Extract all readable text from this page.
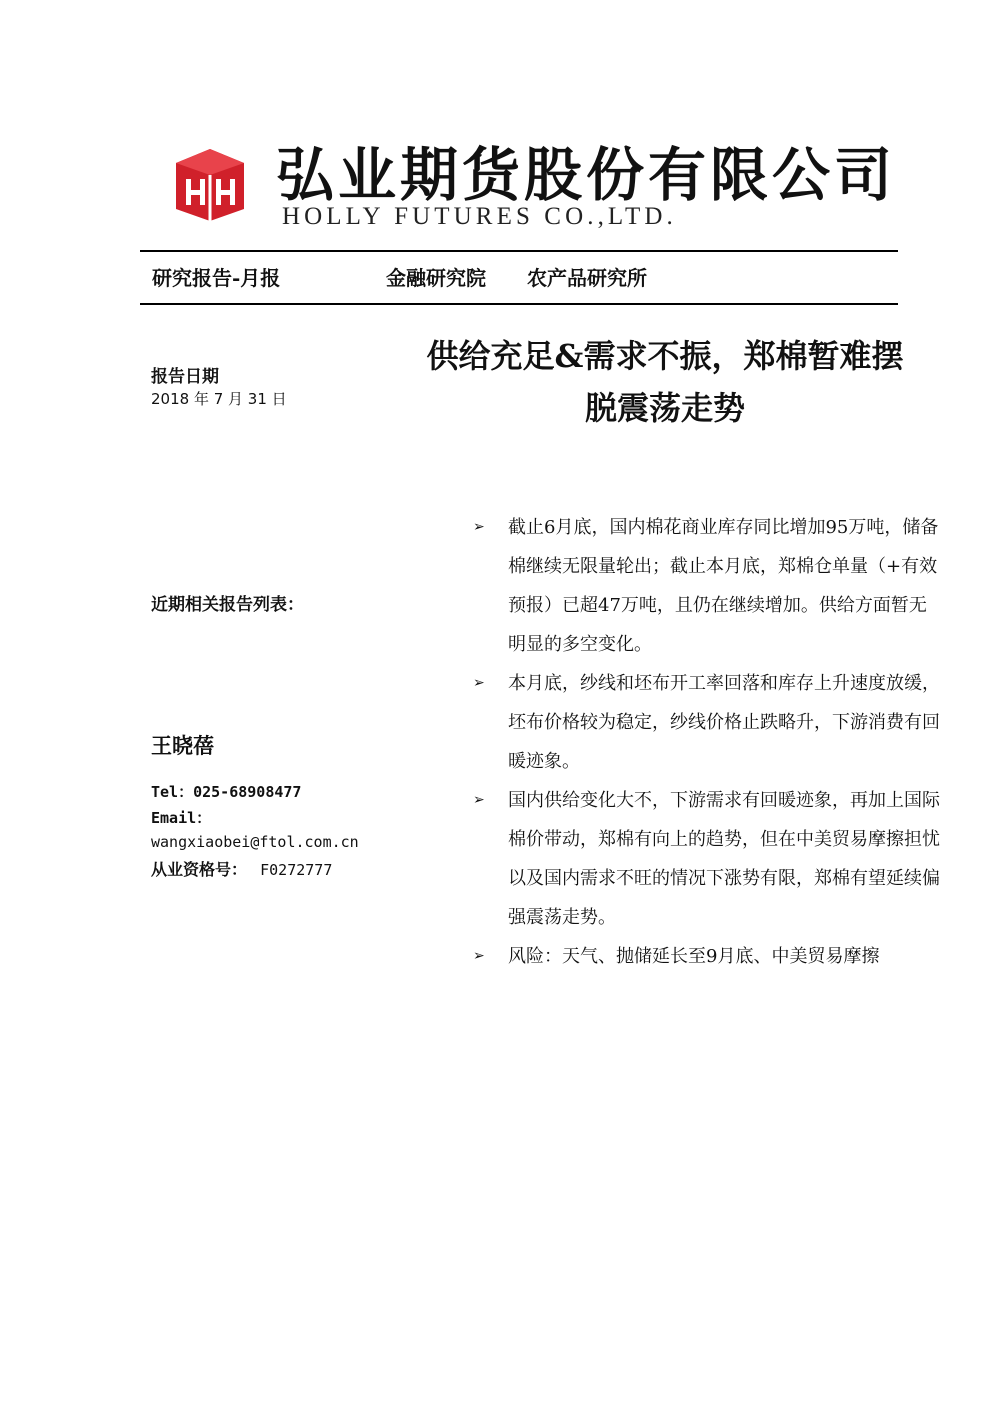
弘业期货股份有限公司
HOLLY FUTURES CO.,LTD.
研究报告-月报	金融研究院 农产品研究所
供给充足&需求不振，郑棉暂难摆
脱震荡走势
报告日期
2018 年 7 月 31 日
近期相关报告列表：
王晓蓓
Tel：025-68908477
Email：
wangxiaobei@ftol.com.cn
从业资格号： F0272777
➢ 截止6月底，国内棉花商业库存同比增加95万吨，储备棉继续无限量轮出；截止本月底，郑棉仓单量（+有效预报）已超47万吨，且仍在继续增加。供给方面暂无明显的多空变化。
➢ 本月底，纱线和坯布开工率回落和库存上升速度放缓，坯布价格较为稳定，纱线价格止跌略升，下游消费有回暖迹象。
➢ 国内供给变化大不，下游需求有回暖迹象，再加上国际棉价带动，郑棉有向上的趋势，但在中美贸易摩擦担忧以及国内需求不旺的情况下涨势有限，郑棉有望延续偏强震荡走势。
➢ 风险：天气、抛储延长至9月底、中美贸易摩擦
